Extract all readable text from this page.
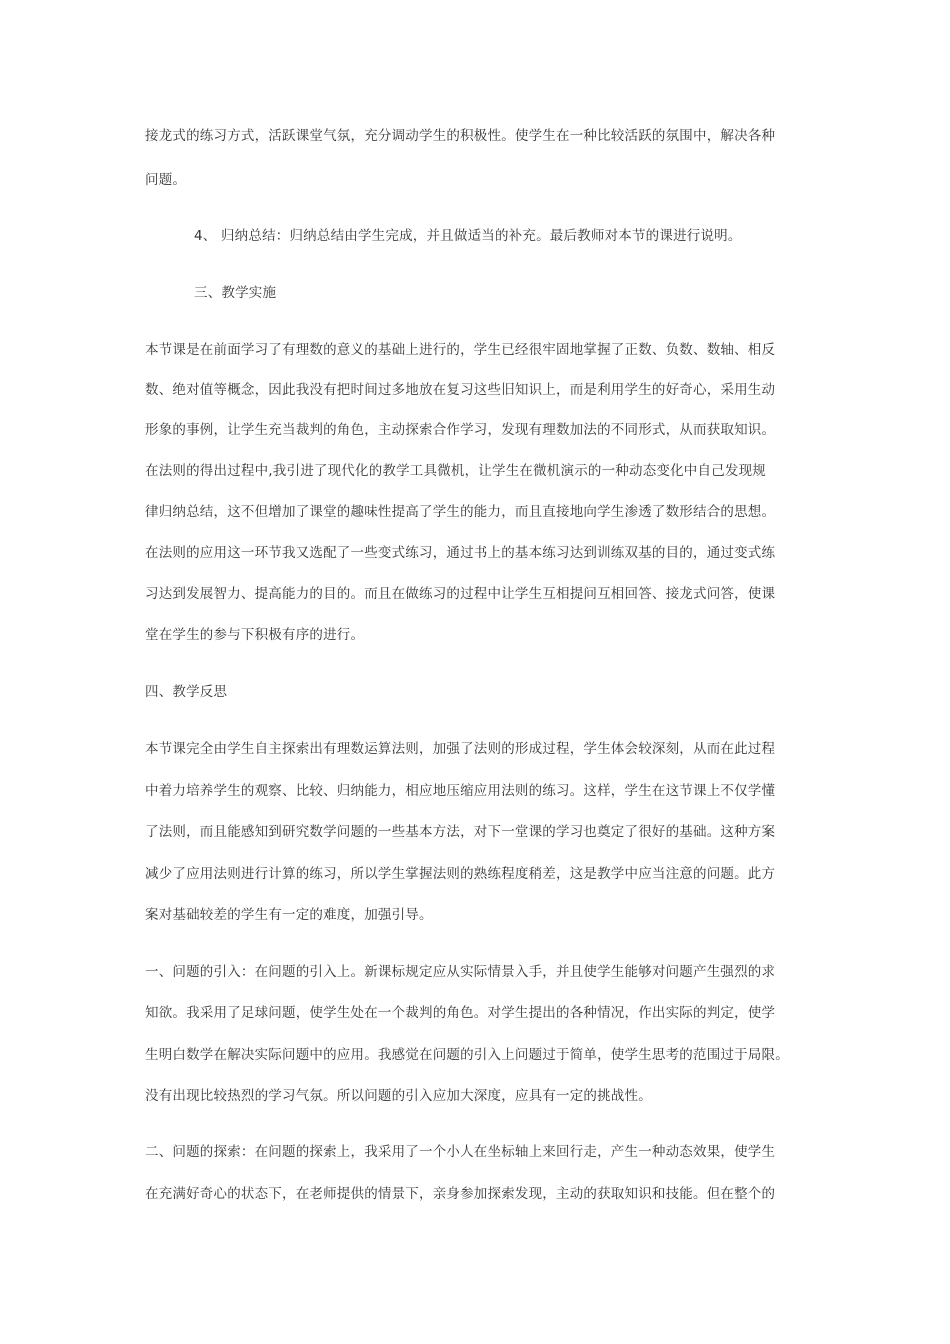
接龙式的练习方式，活跃课堂气氛，充分调动学生的积极性。使学生在一种比较活跃的氛围中，解决各种
问题。
4、 归纳总结：归纳总结由学生完成，并且做适当的补充。最后教师对本节的课进行说明。
三、教学实施
本节课是在前面学习了有理数的意义的基础上进行的，学生已经很牢固地掌握了正数、负数、数轴、相反
数、绝对值等概念，因此我没有把时间过多地放在复习这些旧知识上，而是利用学生的好奇心，采用生动
形象的事例，让学生充当裁判的角色，主动探索合作学习，发现有理数加法的不同形式，从而获取知识。
在法则的得出过程中,我引进了现代化的教学工具微机，让学生在微机演示的一种动态变化中自己发现规
律归纳总结，这不但增加了课堂的趣味性提高了学生的能力，而且直接地向学生渗透了数形结合的思想。
在法则的应用这一环节我又选配了一些变式练习，通过书上的基本练习达到训练双基的目的，通过变式练
习达到发展智力、提高能力的目的。而且在做练习的过程中让学生互相提问互相回答、接龙式问答，使课
堂在学生的参与下积极有序的进行。
四、教学反思
本节课完全由学生自主探索出有理数运算法则，加强了法则的形成过程，学生体会较深刻，从而在此过程
中着力培养学生的观察、比较、归纳能力，相应地压缩应用法则的练习。这样，学生在这节课上不仅学懂
了法则，而且能感知到研究数学问题的一些基本方法，对下一堂课的学习也奠定了很好的基础。这种方案
减少了应用法则进行计算的练习，所以学生掌握法则的熟练程度稍差，这是教学中应当注意的问题。此方
案对基础较差的学生有一定的难度，加强引导。
一、问题的引入：在问题的引入上。新课标规定应从实际情景入手，并且使学生能够对问题产生强烈的求
知欲。我采用了足球问题，使学生处在一个裁判的角色。对学生提出的各种情况，作出实际的判定，使学
生明白数学在解决实际问题中的应用。我感觉在问题的引入上问题过于简单，使学生思考的范围过于局限。
没有出现比较热烈的学习气氛。所以问题的引入应加大深度，应具有一定的挑战性。
二、问题的探索：在问题的探索上，我采用了一个小人在坐标轴上来回行走，产生一种动态效果，使学生
在充满好奇心的状态下，在老师提供的情景下，亲身参加探索发现，主动的获取知识和技能。但在整个的
